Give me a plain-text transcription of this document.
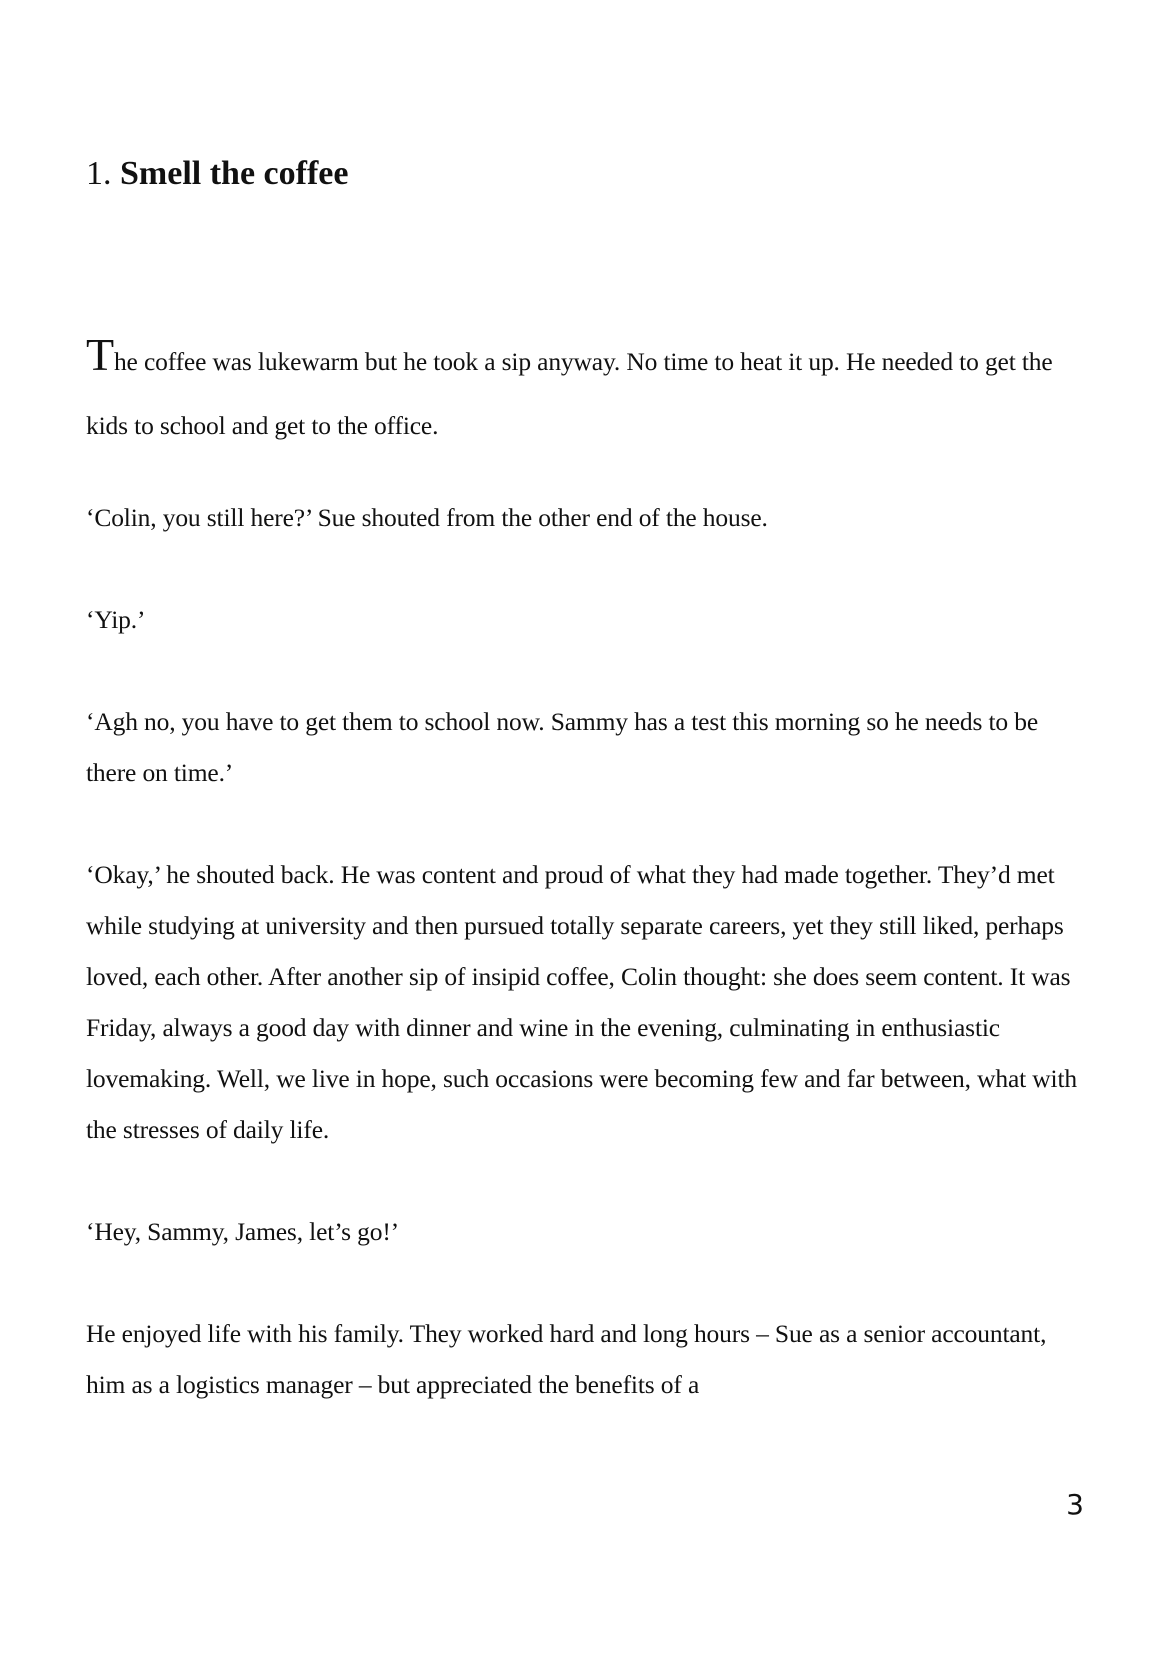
1. Smell the coffee

The coffee was lukewarm but he took a sip anyway. No time to heat it up. He needed to get the kids to school and get to the office.

‘Colin, you still here?’ Sue shouted from the other end of the house.

‘Yip.’

‘Agh no, you have to get them to school now. Sammy has a test this morning so he needs to be there on time.’

‘Okay,’ he shouted back. He was content and proud of what they had made together. They’d met while studying at university and then pursued totally separate careers, yet they still liked, perhaps loved, each other. After another sip of insipid coffee, Colin thought: she does seem content. It was Friday, always a good day with dinner and wine in the evening, culminating in enthusiastic lovemaking. Well, we live in hope, such occasions were becoming few and far between, what with the stresses of daily life.

‘Hey, Sammy, James, let’s go!’

He enjoyed life with his family. They worked hard and long hours – Sue as a senior accountant, him as a logistics manager – but appreciated the benefits of a

3
